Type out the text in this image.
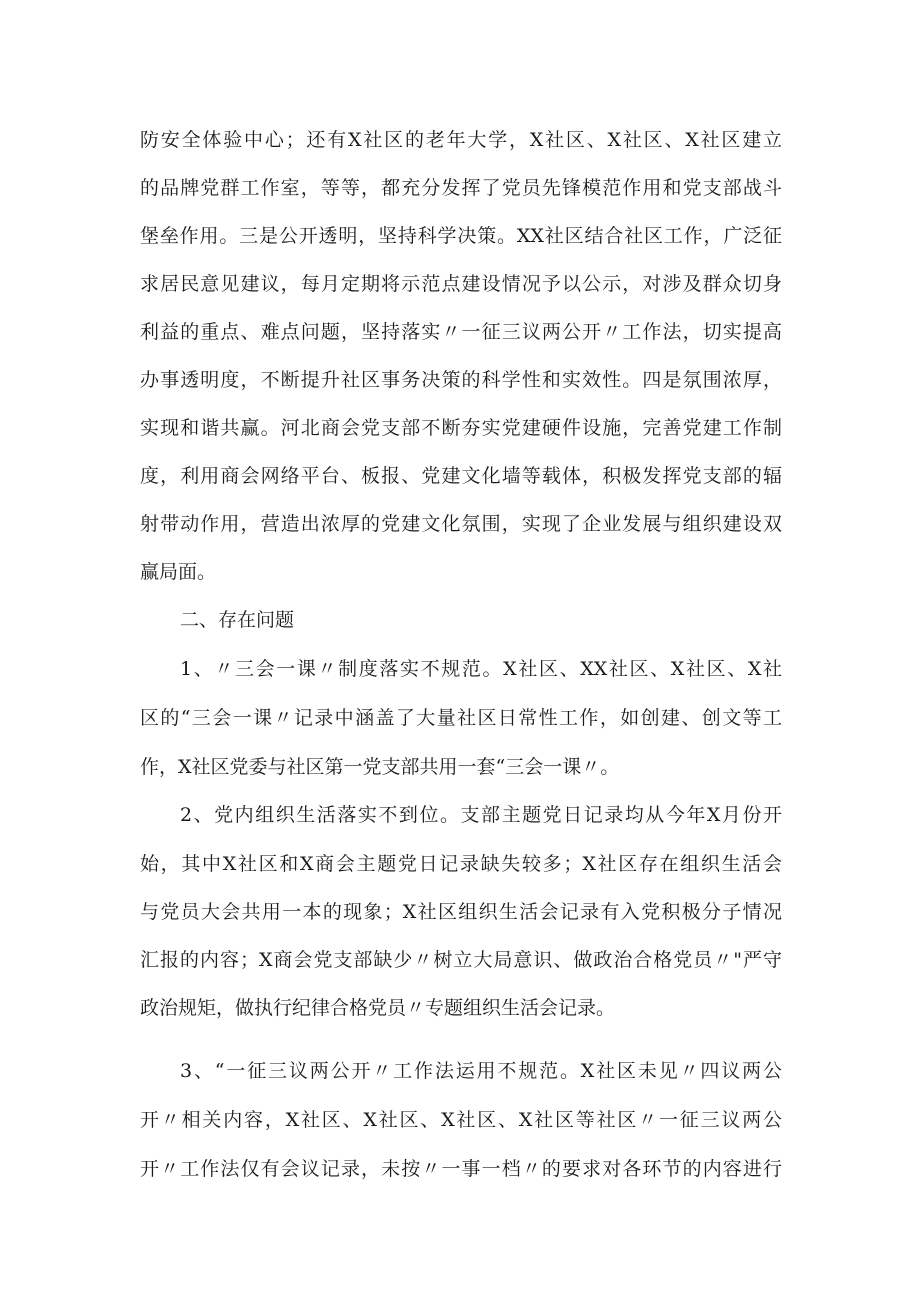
防安全体验中心；还有X社区的老年大学，X社区、X社区、X社区建立

的品牌党群工作室，等等，都充分发挥了党员先锋模范作用和党支部战斗

堡垒作用。三是公开透明，坚持科学决策。XX社区结合社区工作，广泛征

求居民意见建议，每月定期将示范点建设情况予以公示，对涉及群众切身

利益的重点、难点问题，坚持落实〃一征三议两公开〃工作法，切实提高

办事透明度，不断提升社区事务决策的科学性和实效性。四是氛围浓厚，

实现和谐共赢。河北商会党支部不断夯实党建硬件设施，完善党建工作制

度，利用商会网络平台、板报、党建文化墙等载体，积极发挥党支部的辐

射带动作用，营造出浓厚的党建文化氛围，实现了企业发展与组织建设双

赢局面。

二、存在问题

1、〃三会一课〃制度落实不规范。X社区、XX社区、X社区、X社

区的“三会一课〃记录中涵盖了大量社区日常性工作，如创建、创文等工

作，X社区党委与社区第一党支部共用一套“三会一课〃。

2、党内组织生活落实不到位。支部主题党日记录均从今年X月份开

始，其中X社区和X商会主题党日记录缺失较多；X社区存在组织生活会

与党员大会共用一本的现象；X社区组织生活会记录有入党积极分子情况

汇报的内容；X商会党支部缺少〃树立大局意识、做政治合格党员〃"严守

政治规矩，做执行纪律合格党员〃专题组织生活会记录。

3、“一征三议两公开〃工作法运用不规范。X社区未见〃四议两公

开〃相关内容，X社区、X社区、X社区、X社区等社区〃一征三议两公

开〃工作法仅有会议记录，未按〃一事一档〃的要求对各环节的内容进行
